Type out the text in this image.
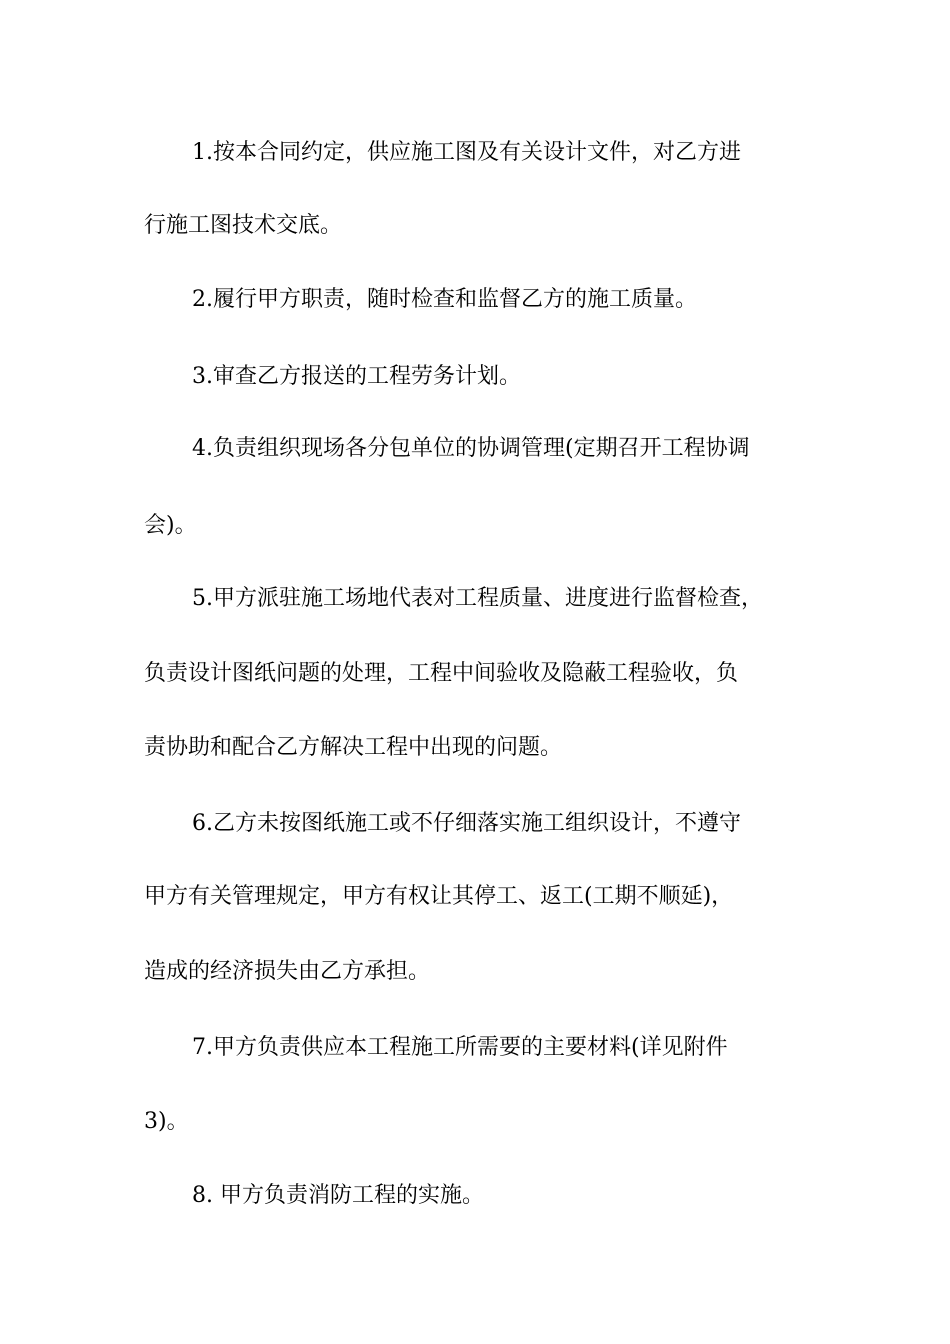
1.按本合同约定，供应施工图及有关设计文件，对乙方进
行施工图技术交底。
2.履行甲方职责，随时检查和监督乙方的施工质量。
3.审查乙方报送的工程劳务计划。
4.负责组织现场各分包单位的协调管理(定期召开工程协调
会)。
5.甲方派驻施工场地代表对工程质量、进度进行监督检查，
负责设计图纸问题的处理，工程中间验收及隐蔽工程验收，负
责协助和配合乙方解决工程中出现的问题。
6.乙方未按图纸施工或不仔细落实施工组织设计，不遵守
甲方有关管理规定，甲方有权让其停工、返工(工期不顺延)，
造成的经济损失由乙方承担。
7.甲方负责供应本工程施工所需要的主要材料(详见附件
3)。
8. 甲方负责消防工程的实施。
